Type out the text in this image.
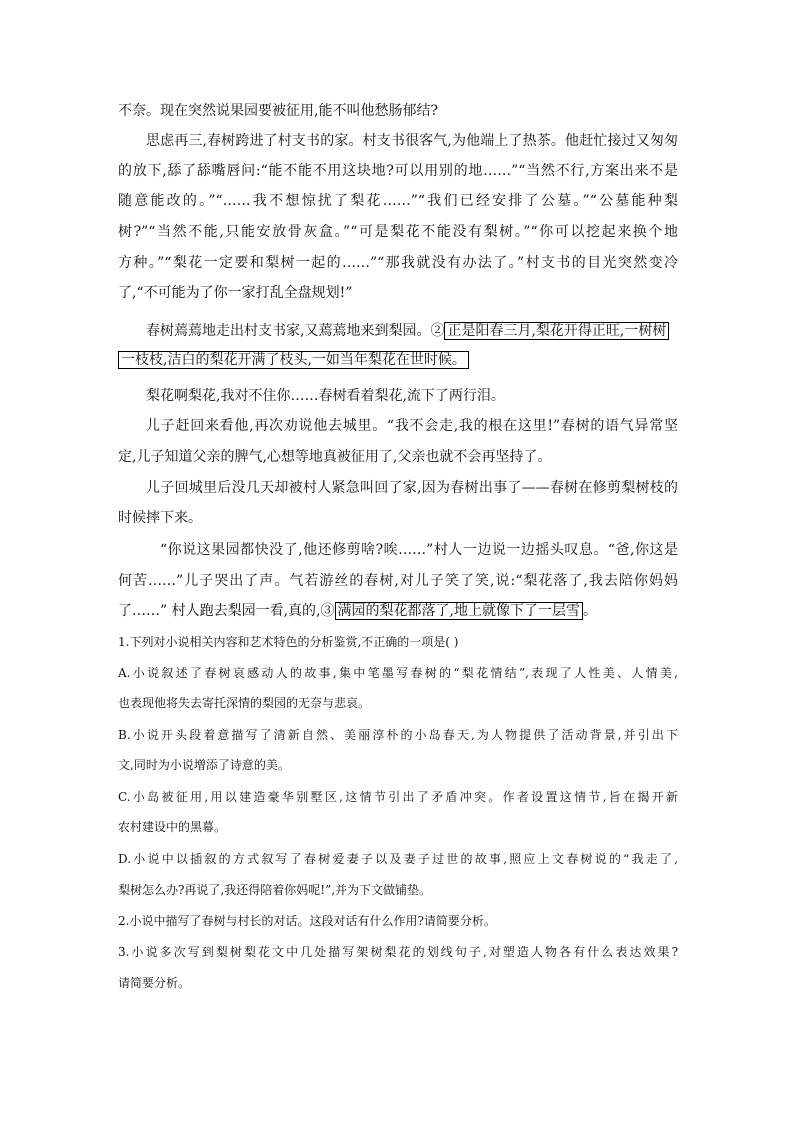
不奈。现在突然说果园要被征用,能不叫他愁肠郁结?
思虑再三,春树跨进了村支书的家。村支书很客气,为他端上了热茶。他赶忙接过又匆匆
的放下,舔了舔嘴唇问:“能不能不用这块地?可以用别的地……”“当然不行,方案出来不是
随意能改的。”“……我不想惊扰了梨花……”“我们已经安排了公墓。”“公墓能种梨
树?”“当然不能,只能安放骨灰盒。”“可是梨花不能没有梨树。”“你可以挖起来换个地
方种。”“梨花一定要和梨树一起的……”“那我就没有办法了。”村支书的目光突然变冷
了,“不可能为了你一家打乱全盘规划!”
春树蔫蔫地走出村支书家,又蔫蔫地来到梨园。② 正是阳春三月,梨花开得正旺,一树树
一枝枝,洁白的梨花开满了枝头,一如当年梨花在世时候。
梨花啊梨花,我对不住你……春树看着梨花,流下了两行泪。
儿子赶回来看他,再次劝说他去城里。“我不会走,我的根在这里!”春树的语气异常坚
定,儿子知道父亲的脾气,心想等地真被征用了,父亲也就不会再坚持了。
儿子回城里后没几天却被村人紧急叫回了家,因为春树出事了——春树在修剪梨树枝的
时候摔下来。
“你说这果园都快没了,他还修剪啥?唉……”村人一边说一边摇头叹息。“爸,你这是
何苦……”儿子哭出了声。气若游丝的春树,对儿子笑了笑,说:“梨花落了,我去陪你妈妈
了……” 村人跑去梨园一看,真的,③ 满园的梨花都落了,地上就像下了一层雪 。
1.下列对小说相关内容和艺术特色的分析鉴赏,不正确的一项是( )
A.小说叙述了春树哀感动人的故事,集中笔墨写春树的“梨花情结”,表现了人性美、人情美,
也表现他将失去寄托深情的梨园的无奈与悲哀。
B.小说开头段着意描写了清新自然、美丽淳朴的小岛春天,为人物提供了活动背景,并引出下
文,同时为小说增添了诗意的美。
C.小岛被征用,用以建造豪华别墅区,这情节引出了矛盾冲突。作者设置这情节,旨在揭开新
农村建设中的黑幕。
D.小说中以插叙的方式叙写了春树爱妻子以及妻子过世的故事,照应上文春树说的“我走了,
梨树怎么办?再说了,我还得陪着你妈呢!”,并为下文做铺垫。
2.小说中描写了春树与村长的对话。这段对话有什么作用?请简要分析。
3.小说多次写到梨树梨花文中几处描写架树梨花的划线句子,对塑造人物各有什么表达效果?
请简要分析。
